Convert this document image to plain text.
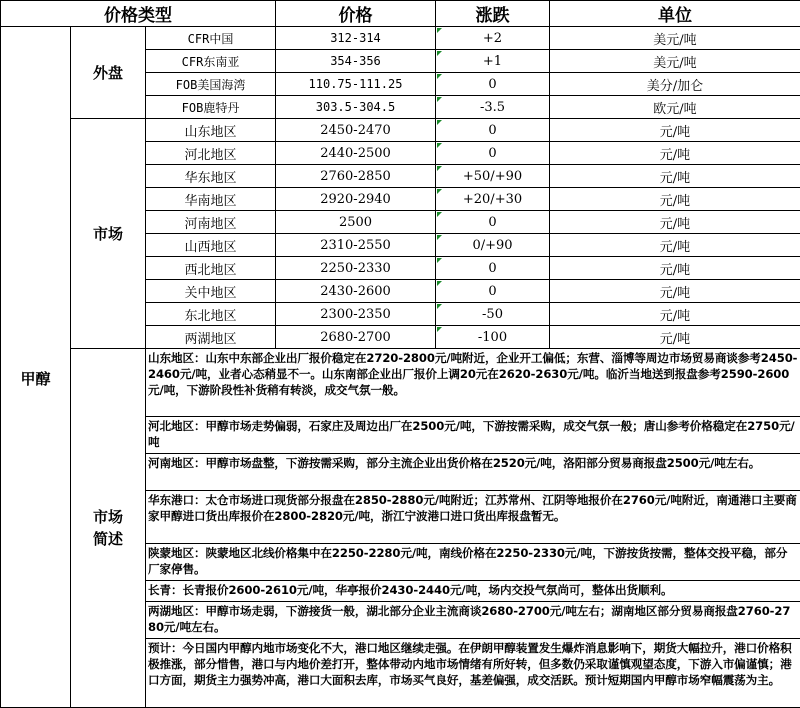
价格类型			价格	涨跌	单位
甲醇	外盘	CFR中国	312-314	+2	美元/吨
		CFR东南亚	354-356	+1	美元/吨
		FOB美国海湾	110.75-111.25	0	美分/加仑
		FOB鹿特丹	303.5-304.5	-3.5	欧元/吨
	市场	山东地区	2450-2470	0	元/吨
		河北地区	2440-2500	0	元/吨
		华东地区	2760-2850	+50/+90	元/吨
		华南地区	2920-2940	+20/+30	元/吨
		河南地区	2500	0	元/吨
		山西地区	2310-2550	0/+90	元/吨
		西北地区	2250-2330	0	元/吨
		关中地区	2430-2600	0	元/吨
		东北地区	2300-2350	-50	元/吨
		两湖地区	2680-2700	-100	元/吨
	市场简述	山东地区：山东中东部企业出厂报价稳定在2720-2800元/吨附近，企业开工偏低；东营、淄博等周边市场贸易商谈参考2450-2460元/吨，业者心态稍显不一。山东南部企业出厂报价上调20元在2620-2630元/吨。临沂当地送到报盘参考2590-2600元/吨，下游阶段性补货稍有转淡，成交气氛一般。			
		河北地区：甲醇市场走势偏弱，石家庄及周边出厂在2500元/吨，下游按需采购，成交气氛一般；唐山参考价格稳定在2750元/吨			
		河南地区：甲醇市场盘整，下游按需采购，部分主流企业出货价格在2520元/吨，洛阳部分贸易商报盘2500元/吨左右。			
		华东港口：太仓市场进口现货部分报盘在2850-2880元/吨附近；江苏常州、江阴等地报价在2760元/吨附近，南通港口主要商家甲醇进口货出库报价在2800-2820元/吨，浙江宁波港口进口货出库报盘暂无。			
		陕蒙地区：陕蒙地区北线价格集中在2250-2280元/吨，南线价格在2250-2330元/吨，下游按货按需，整体交投平稳，部分厂家停售。			
		长青：长青报价2600-2610元/吨，华亭报价2430-2440元/吨，场内交投气氛尚可，整体出货顺利。			
		两湖地区：甲醇市场走弱，下游接货一般，湖北部分企业主流商谈2680-2700元/吨左右；湖南地区部分贸易商报盘2760-2780元/吨左右。			
		预计：今日国内甲醇内地市场变化不大，港口地区继续走强。在伊朗甲醇装置发生爆炸消息影响下，期货大幅拉升，港口价格积极推涨，部分惜售，港口与内地价差打开，整体带动内地市场情绪有所好转，但多数仍采取谨慎观望态度，下游入市偏谨慎；港口方面，期货主力强势冲高，港口大面积去库，市场买气良好，基差偏强，成交活跃。预计短期国内甲醇市场窄幅震荡为主。			
